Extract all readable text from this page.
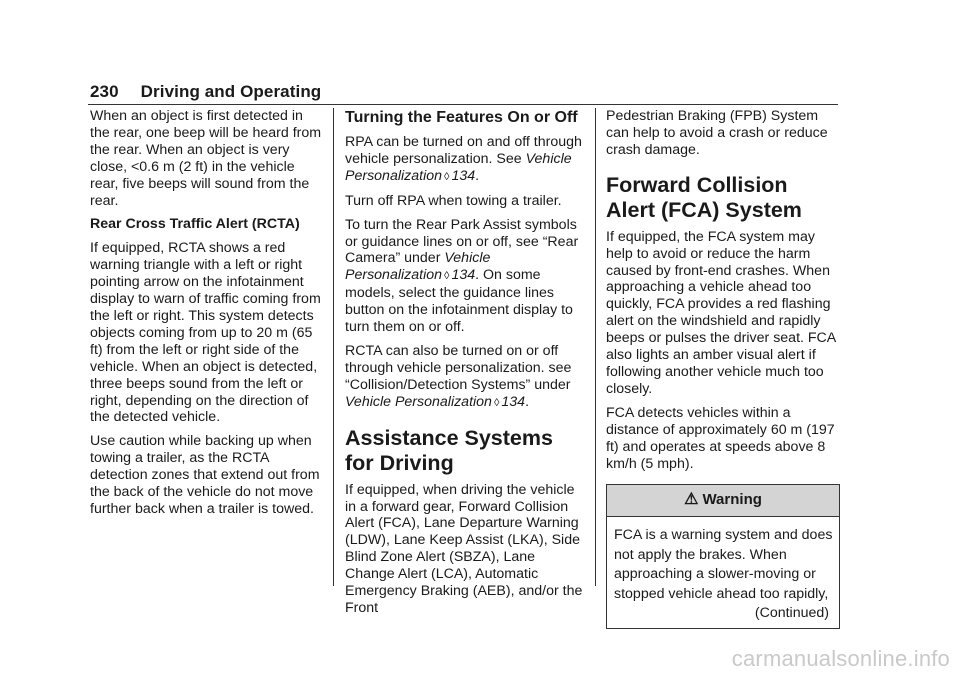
230 Driving and Operating

When an object is first detected in the rear, one beep will be heard from the rear. When an object is very close, <0.6 m (2 ft) in the vehicle rear, five beeps will sound from the rear.

Rear Cross Traffic Alert (RCTA)

If equipped, RCTA shows a red warning triangle with a left or right pointing arrow on the infotainment display to warn of traffic coming from the left or right. This system detects objects coming from up to 20 m (65 ft) from the left or right side of the vehicle. When an object is detected, three beeps sound from the left or right, depending on the direction of the detected vehicle.

Use caution while backing up when towing a trailer, as the RCTA detection zones that extend out from the back of the vehicle do not move further back when a trailer is towed.

Turning the Features On or Off

RPA can be turned on and off through vehicle personalization. See Vehicle Personalization ◊ 134.

Turn off RPA when towing a trailer.

To turn the Rear Park Assist symbols or guidance lines on or off, see “Rear Camera” under Vehicle Personalization ◊ 134. On some models, select the guidance lines button on the infotainment display to turn them on or off.

RCTA can also be turned on or off through vehicle personalization. see “Collision/Detection Systems” under Vehicle Personalization ◊ 134.

Assistance Systems for Driving

If equipped, when driving the vehicle in a forward gear, Forward Collision Alert (FCA), Lane Departure Warning (LDW), Lane Keep Assist (LKA), Side Blind Zone Alert (SBZA), Lane Change Alert (LCA), Automatic Emergency Braking (AEB), and/or the Front

Pedestrian Braking (FPB) System can help to avoid a crash or reduce crash damage.

Forward Collision Alert (FCA) System

If equipped, the FCA system may help to avoid or reduce the harm caused by front-end crashes. When approaching a vehicle ahead too quickly, FCA provides a red flashing alert on the windshield and rapidly beeps or pulses the driver seat. FCA also lights an amber visual alert if following another vehicle much too closely.

FCA detects vehicles within a distance of approximately 60 m (197 ft) and operates at speeds above 8 km/h (5 mph).

⚠ Warning
FCA is a warning system and does not apply the brakes. When approaching a slower-moving or stopped vehicle ahead too rapidly,
(Continued)
carmanualsonline.info
